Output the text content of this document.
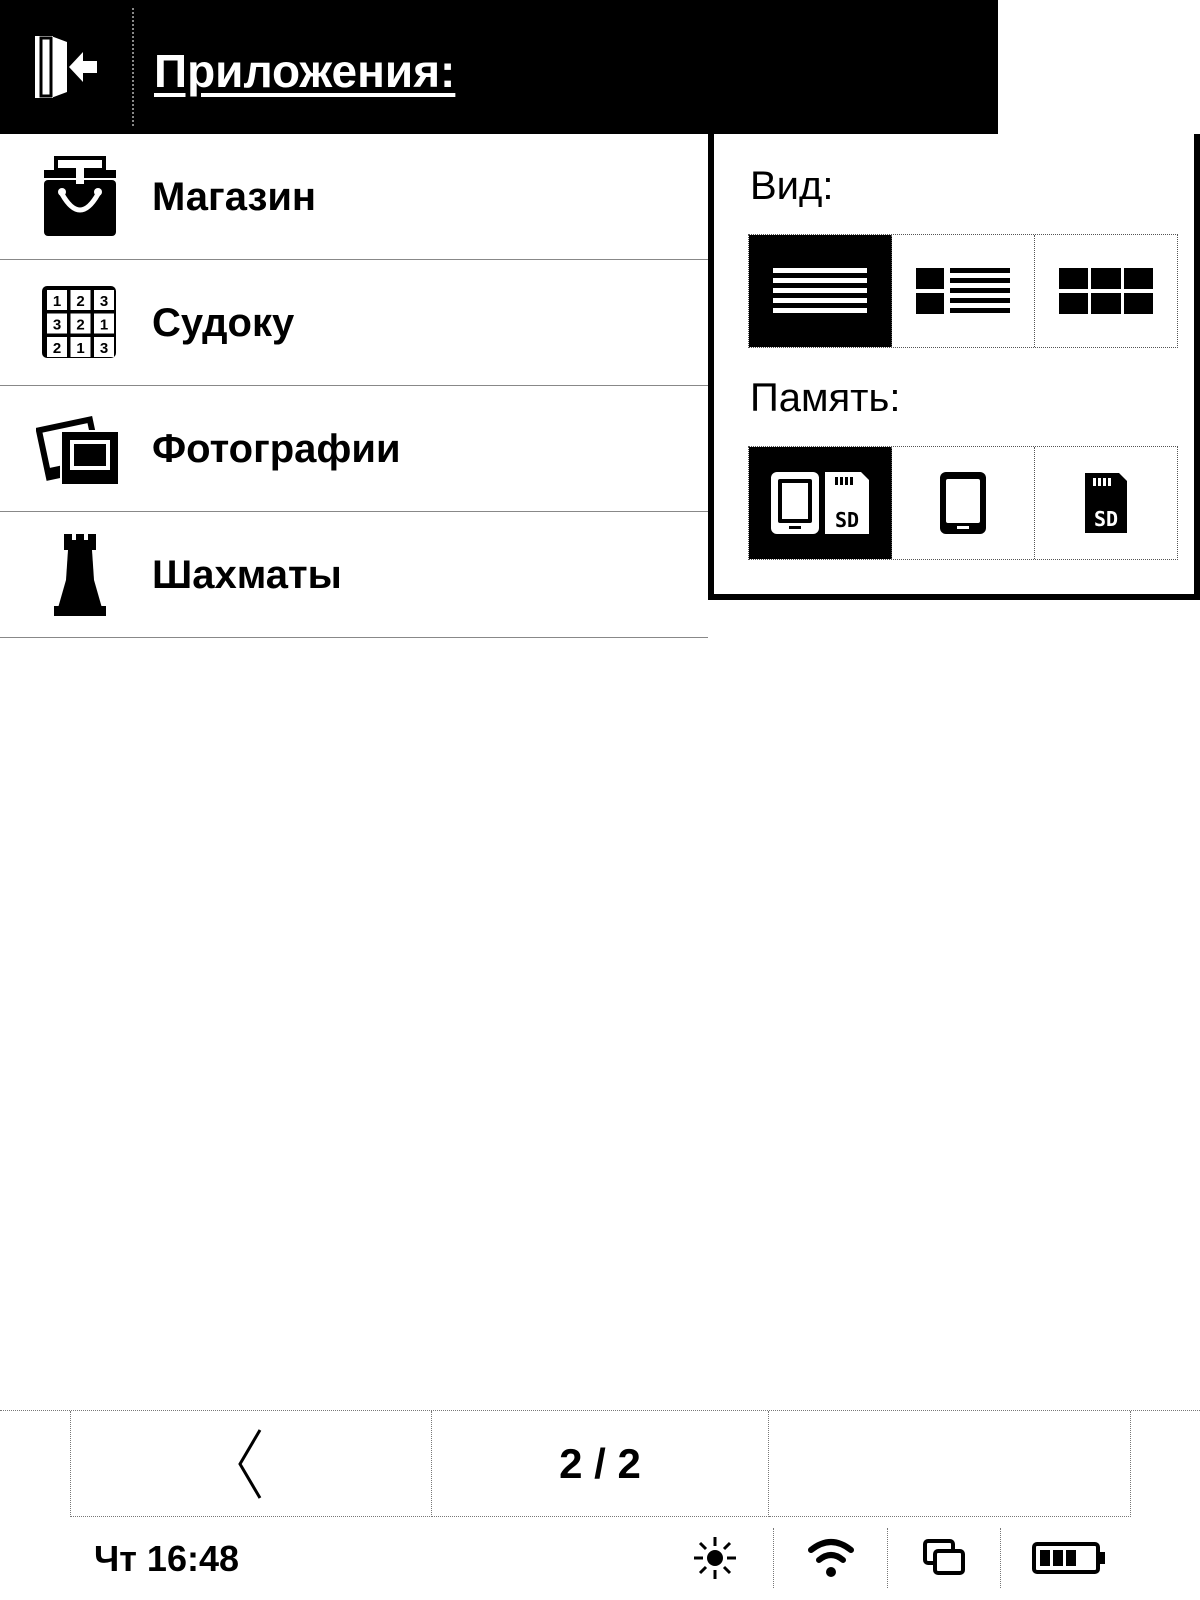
Приложения:
Магазин
1 2 3
3 2 1
2 1 3
Судоку
Фотографии
Шахматы
Вид:
Память:
SD	SD
2 / 2
Чт 16:48
